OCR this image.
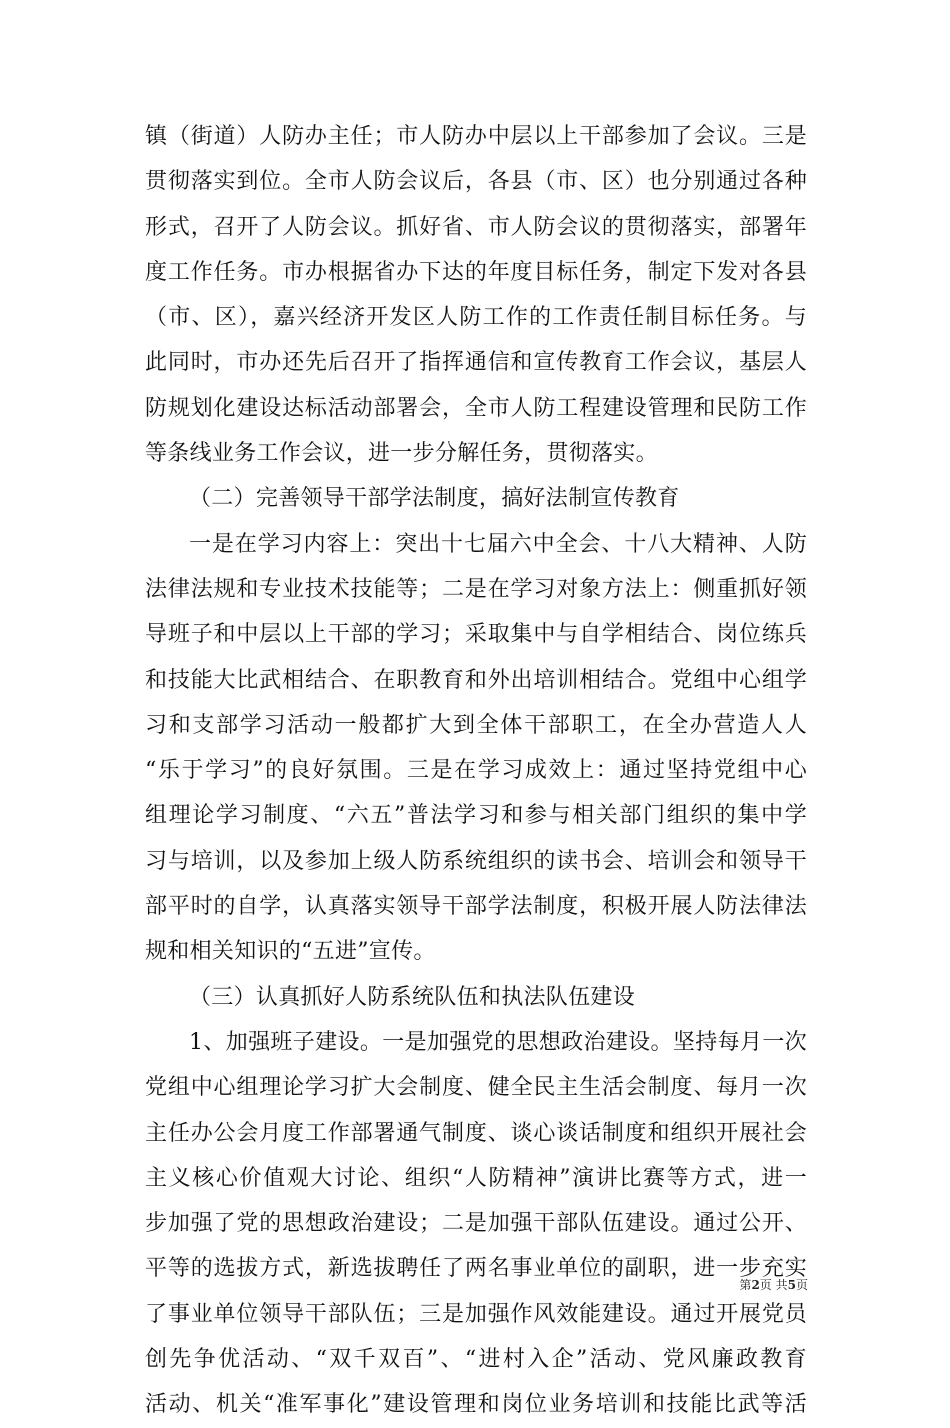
镇（街道）人防办主任；市人防办中层以上干部参加了会议。三是
贯彻落实到位。全市人防会议后，各县（市、区）也分别通过各种
形式，召开了人防会议。抓好省、市人防会议的贯彻落实，部署年
度工作任务。市办根据省办下达的年度目标任务，制定下发对各县
（市、区），嘉兴经济开发区人防工作的工作责任制目标任务。与
此同时，市办还先后召开了指挥通信和宣传教育工作会议，基层人
防规划化建设达标活动部署会，全市人防工程建设管理和民防工作
等条线业务工作会议，进一步分解任务，贯彻落实。
（二）完善领导干部学法制度，搞好法制宣传教育
一是在学习内容上：突出十七届六中全会、十八大精神、人防
法律法规和专业技术技能等；二是在学习对象方法上：侧重抓好领
导班子和中层以上干部的学习；采取集中与自学相结合、岗位练兵
和技能大比武相结合、在职教育和外出培训相结合。党组中心组学
习和支部学习活动一般都扩大到全体干部职工，在全办营造人人
“乐于学习”的良好氛围。三是在学习成效上：通过坚持党组中心
组理论学习制度、“六五”普法学习和参与相关部门组织的集中学
习与培训，以及参加上级人防系统组织的读书会、培训会和领导干
部平时的自学，认真落实领导干部学法制度，积极开展人防法律法
规和相关知识的“五进”宣传。
（三）认真抓好人防系统队伍和执法队伍建设
1、加强班子建设。一是加强党的思想政治建设。坚持每月一次
党组中心组理论学习扩大会制度、健全民主生活会制度、每月一次
主任办公会月度工作部署通气制度、谈心谈话制度和组织开展社会
主义核心价值观大讨论、组织“人防精神”演讲比赛等方式，进一
步加强了党的思想政治建设；二是加强干部队伍建设。通过公开、
平等的选拔方式，新选拔聘任了两名事业单位的副职，进一步充实
了事业单位领导干部队伍；三是加强作风效能建设。通过开展党员
创先争优活动、“双千双百”、“进村入企”活动、党风廉政教育
活动、机关“准军事化”建设管理和岗位业务培训和技能比武等活
第2页 共5页
